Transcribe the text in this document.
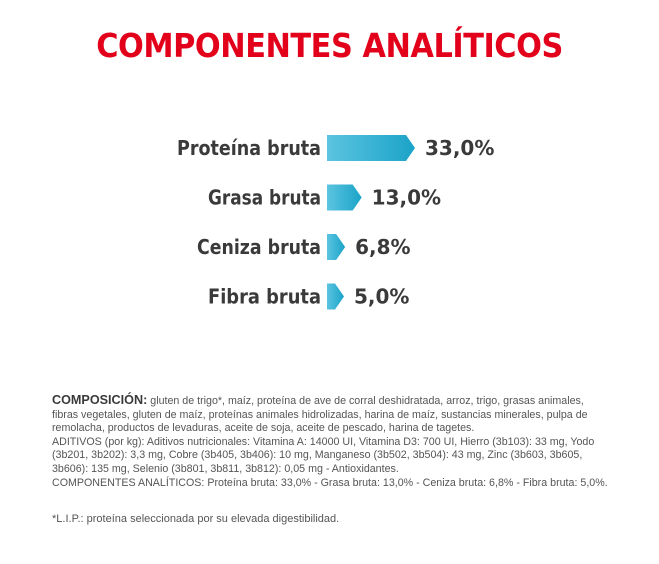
COMPONENTES ANALÍTICOS
Proteína bruta	33,0%
Grasa bruta	13,0%
Ceniza bruta 6,8%
Fibra bruta 5,0%

COMPOSICIÓN: gluten de trigo*, maíz, proteína de ave de corral deshidratada, arroz, trigo, grasas animales, fibras vegetales, gluten de maíz, proteínas animales hidrolizadas, harina de maíz, sustancias minerales, pulpa de remolacha, productos de levaduras, aceite de soja, aceite de pescado, harina de tagetes.

ADITIVOS (por kg): Aditivos nutricionales: Vitamina A: 14000 UI, Vitamina D3: 700 UI, Hierro (3b103): 33 mg, Yodo (3b201, 3b202): 3,3 mg, Cobre (3b405, 3b406): 10 mg, Manganeso (3b502, 3b504): 43 mg, Zinc (3b603, 3b605, 3b606): 135 mg, Selenio (3b801, 3b811, 3b812): 0,05 mg - Antioxidantes.

COMPONENTES ANALÍTICOS: Proteína bruta: 33,0% - Grasa bruta: 13,0% - Ceniza bruta: 6,8% - Fibra bruta: 5,0%.

*L.I.P.: proteína seleccionada por su elevada digestibilidad.
